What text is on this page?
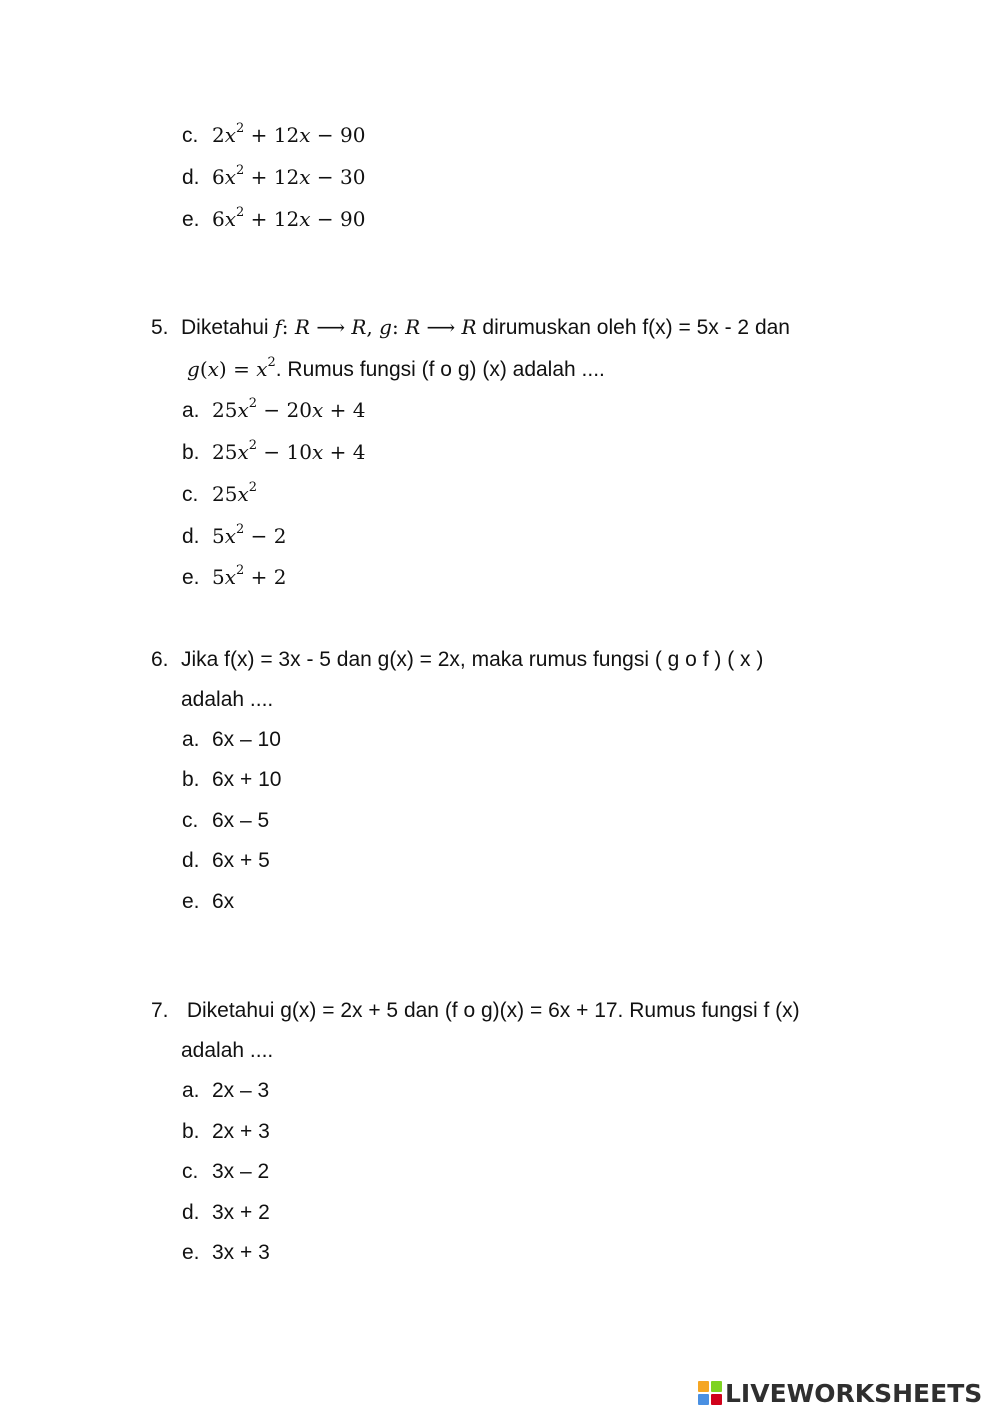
c. $2x^2 + 12x - 90$
d. $6x^2 + 12x - 30$
e. $6x^2 + 12x - 90$
5. Diketahui f: R ⟶ R, g: R ⟶ R dirumuskan oleh f(x) = 5x - 2 dan
$g(x) = x^2$. Rumus fungsi (f o g) (x) adalah ....
a. $25x^2 - 20x + 4$
b. $25x^2 - 10x + 4$
c. $25x^2$
d. $5x^2 - 2$
e. $5x^2 + 2$
6. Jika f(x) = 3x - 5 dan g(x) = 2x, maka rumus fungsi ( g o f ) ( x )
adalah ....
a. 6x – 10
b. 6x + 10
c. 6x – 5
d. 6x + 5
e. 6x
7. Diketahui g(x) = 2x + 5 dan (f o g)(x) = 6x + 17. Rumus fungsi f (x)
adalah ....
a. 2x – 3
b. 2x + 3
c. 3x – 2
d. 3x + 2
e. 3x + 3
LIVEWORKSHEETS
